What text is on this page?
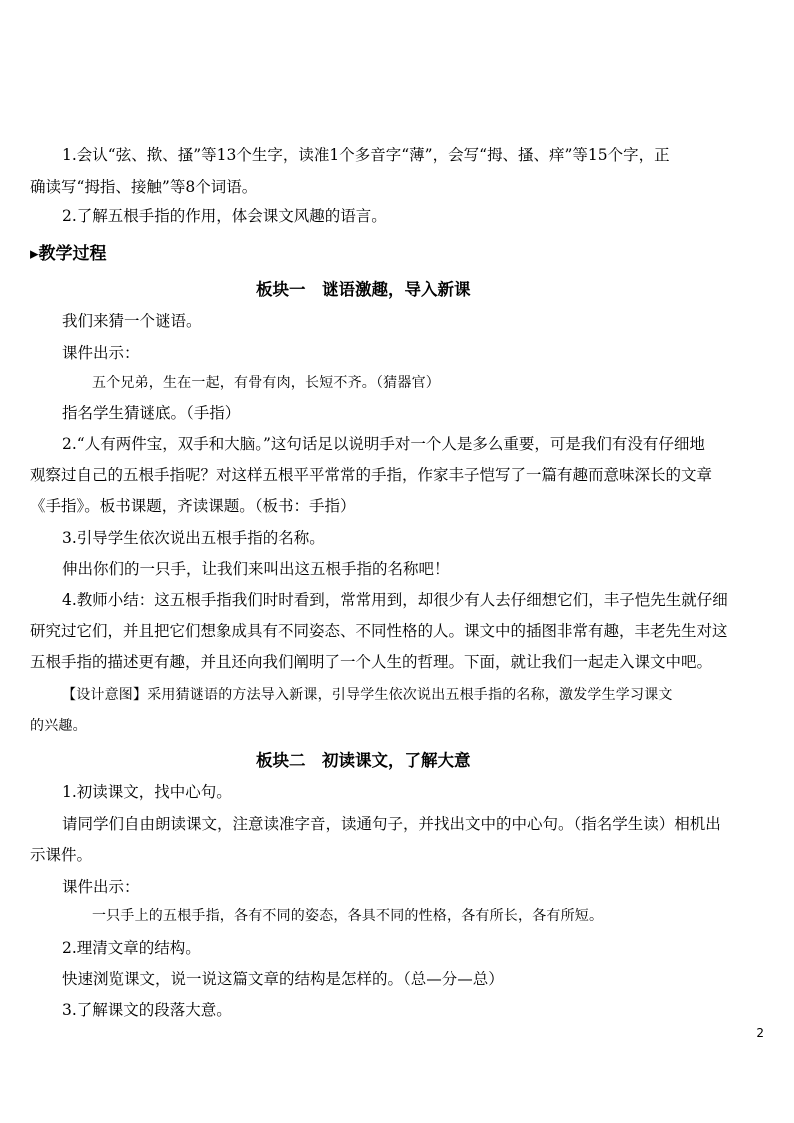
1.会认“弦、揿、搔”等13个生字，读准1个多音字“薄”，会写“拇、搔、痒”等15个字，正
确读写“拇指、接触”等8个词语。
2.了解五根手指的作用，体会课文风趣的语言。
▸教学过程
板块一　谜语激趣，导入新课
我们来猜一个谜语。
课件出示：
五个兄弟，生在一起，有骨有肉，长短不齐。（猜器官）
指名学生猜谜底。（手指）
2.“人有两件宝，双手和大脑。”这句话足以说明手对一个人是多么重要，可是我们有没有仔细地
观察过自己的五根手指呢？对这样五根平平常常的手指，作家丰子恺写了一篇有趣而意味深长的文章
《手指》。板书课题，齐读课题。（板书：手指）
3.引导学生依次说出五根手指的名称。
伸出你们的一只手，让我们来叫出这五根手指的名称吧！
4.教师小结：这五根手指我们时时看到，常常用到，却很少有人去仔细想它们，丰子恺先生就仔细
研究过它们，并且把它们想象成具有不同姿态、不同性格的人。课文中的插图非常有趣，丰老先生对这
五根手指的描述更有趣，并且还向我们阐明了一个人生的哲理。下面，就让我们一起走入课文中吧。
【设计意图】采用猜谜语的方法导入新课，引导学生依次说出五根手指的名称，激发学生学习课文
的兴趣。
板块二　初读课文，了解大意
1.初读课文，找中心句。
请同学们自由朗读课文，注意读准字音，读通句子，并找出文中的中心句。（指名学生读）相机出
示课件。
课件出示：
一只手上的五根手指，各有不同的姿态，各具不同的性格，各有所长，各有所短。
2.理清文章的结构。
快速浏览课文，说一说这篇文章的结构是怎样的。（总—分—总）
3.了解课文的段落大意。
2
